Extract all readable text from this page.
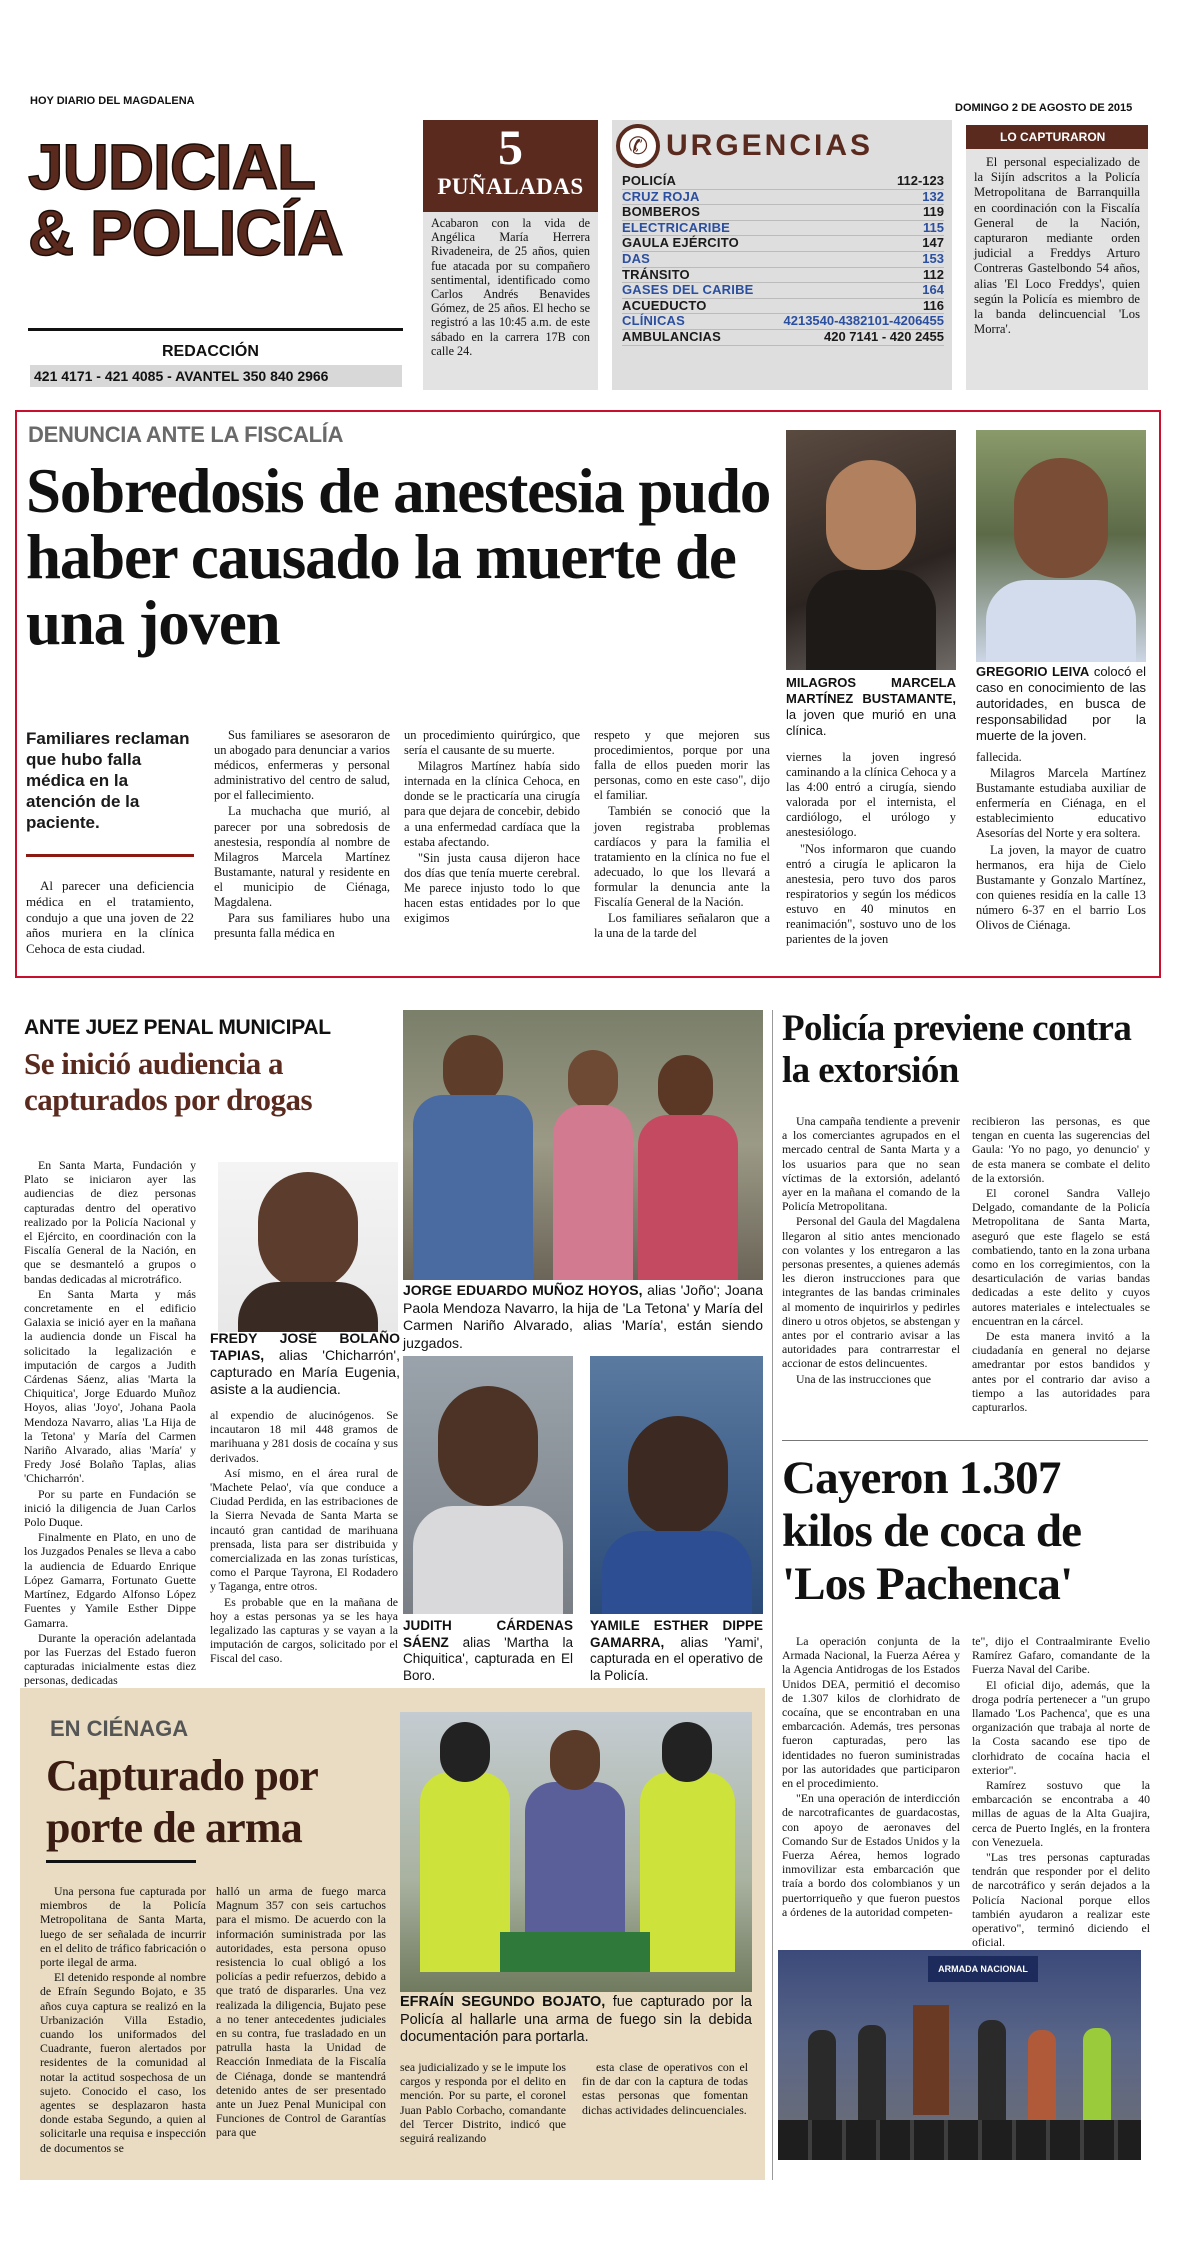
HOY DIARIO DEL MAGDALENA
DOMINGO 2 DE AGOSTO DE 2015
JUDICIAL
& POLICÍA
REDACCIÓN
421 4171 - 421 4085 - AVANTEL 350 840 2966
5
PUÑALADAS
Acabaron con la vida de Angélica María Herrera Rivadeneira, de 25 años, quien fue atacada por su compañero sentimental, identificado como Carlos Andrés Benavides Gómez, de 25 años. El hecho se registró a las 10:45 a.m. de este sábado en la carrera 17B con calle 24.
✆ URGENCIAS
POLICÍA	112-123
CRUZ ROJA	132
BOMBEROS	119
ELECTRICARIBE	115
GAULA EJÉRCITO	147
DAS	153
TRÁNSITO	112
GASES DEL CARIBE	164
ACUEDUCTO	116
CLÍNICAS	4213540-4382101-4206455
AMBULANCIAS	420 7141 - 420 2455
LO CAPTURARON
El personal especializado de la Sijín adscritos a la Policía Metropolitana de Barranquilla en coordinación con la Fiscalía General de la Nación, capturaron mediante orden judicial a Freddys Arturo Contreras Gastelbondo 54 años, alias 'El Loco Freddys', quien según la Policía es miembro de la banda delincuencial 'Los Morra'.
DENUNCIA ANTE LA FISCALÍA
Sobredosis de anestesia pudo haber causado la muerte de una joven
MILAGROS MARCELA MARTÍNEZ BUSTAMANTE, la joven que murió en una clínica.
GREGORIO LEIVA colocó el caso en conocimiento de las autoridades, en busca de responsabilidad por la muerte de la joven.
Familiares reclaman que hubo falla médica en la atención de la paciente.

Al parecer una deficiencia médica en el tratamiento, condujo a que una joven de 22 años muriera en la clínica Cehoca de esta ciudad.

Sus familiares se asesoraron de un abogado para denunciar a varios médicos, enfermeras y personal administrativo del centro de salud, por el fallecimiento.

La muchacha que murió, al parecer por una sobredosis de anestesia, respondía al nombre de Milagros Marcela Martínez Bustamante, natural y residente en el municipio de Ciénaga, Magdalena.

Para sus familiares hubo una presunta falla médica en

un procedimiento quirúrgico, que sería el causante de su muerte.

Milagros Martínez había sido internada en la clínica Cehoca, en donde se le practicaría una cirugía para que dejara de concebir, debido a una enfermedad cardíaca que la estaba afectando.

"Sin justa causa dijeron hace dos días que tenía muerte cerebral. Me parece injusto todo lo que hacen estas entidades por lo que exigimos

respeto y que mejoren sus procedimientos, porque por una falla de ellos pueden morir las personas, como en este caso", dijo el familiar.

También se conoció que la joven registraba problemas cardíacos y para la familia el tratamiento en la clínica no fue el adecuado, lo que los llevará a formular la denuncia ante la Fiscalía General de la Nación.

Los familiares señalaron que a la una de la tarde del

viernes la joven ingresó caminando a la clínica Cehoca y a las 4:00 entró a cirugía, siendo valorada por el internista, el cardiólogo, el urólogo y anestesiólogo.

"Nos informaron que cuando entró a cirugía le aplicaron la anestesia, pero tuvo dos paros respiratorios y según los médicos estuvo en 40 minutos en reanimación", sostuvo uno de los parientes de la joven

fallecida.

Milagros Marcela Martínez Bustamante estudiaba auxiliar de enfermería en Ciénaga, en el establecimiento educativo Asesorías del Norte y era soltera.

La joven, la mayor de cuatro hermanos, era hija de Cielo Bustamante y Gonzalo Martínez, con quienes residía en la calle 13 número 6-37 en el barrio Los Olivos de Ciénaga.

ANTE JUEZ PENAL MUNICIPAL
Se inició audiencia a capturados por drogas

En Santa Marta, Fundación y Plato se iniciaron ayer las audiencias de diez personas capturadas dentro del operativo realizado por la Policía Nacional y el Ejército, en coordinación con la Fiscalía General de la Nación, en que se desmanteló a grupos o bandas dedicadas al microtráfico.

En Santa Marta y más concretamente en el edificio Galaxia se inició ayer en la mañana la audiencia donde un Fiscal ha solicitado la legalización e imputación de cargos a Judith Cárdenas Sáenz, alias 'Marta la Chiquitica', Jorge Eduardo Muñoz Hoyos, alias 'Joyo', Johana Paola Mendoza Navarro, alias 'La Hija de la Tetona' y María del Carmen Nariño Alvarado, alias 'María' y Fredy José Bolaño Taplas, alias 'Chicharrón'.

Por su parte en Fundación se inició la diligencia de Juan Carlos Polo Duque.

Finalmente en Plato, en uno de los Juzgados Penales se lleva a cabo la audiencia de Eduardo Enrique López Gamarra, Fortunato Guette Martínez, Edgardo Alfonso López Fuentes y Yamile Esther Dippe Gamarra.

Durante la operación adelantada por las Fuerzas del Estado fueron capturadas inicialmente estas diez personas, dedicadas

FREDY JOSÉ BOLAÑO TAPIAS, alias 'Chicharrón', capturado en María Eugenia, asiste a la audiencia.

al expendio de alucinógenos. Se incautaron 18 mil 448 gramos de marihuana y 281 dosis de cocaína y sus derivados.

Así mismo, en el área rural de 'Machete Pelao', vía que conduce a Ciudad Perdida, en las estribaciones de la Sierra Nevada de Santa Marta se incautó gran cantidad de marihuana prensada, lista para ser distribuida y comercializada en las zonas turísticas, como el Parque Tayrona, El Rodadero y Taganga, entre otros.

Es probable que en la mañana de hoy a estas personas ya se les haya legalizado las capturas y se vayan a la imputación de cargos, solicitado por el Fiscal del caso.

JORGE EDUARDO MUÑOZ HOYOS, alias 'Joño'; Joana Paola Mendoza Navarro, la hija de 'La Tetona' y María del Carmen Nariño Alvarado, alias 'María', están siendo juzgados.
JUDITH CÁRDENAS SÁENZ alias 'Martha la Chiquitica', capturada en El Boro.
YAMILE ESTHER DIPPE GAMARRA, alias 'Yami', capturada en el operativo de la Policía.
Policía previene contra la extorsión

Una campaña tendiente a prevenir a los comerciantes agrupados en el mercado central de Santa Marta y a los usuarios para que no sean víctimas de la extorsión, adelantó ayer en la mañana el comando de la Policía Metropolitana.

Personal del Gaula del Magdalena llegaron al sitio antes mencionado con volantes y los entregaron a las personas presentes, a quienes además les dieron instrucciones para que integrantes de las bandas criminales al momento de inquirirlos y pedirles dinero u otros objetos, se abstengan y antes por el contrario avisar a las autoridades para contrarrestar el accionar de estos delincuentes.

Una de las instrucciones que

recibieron las personas, es que tengan en cuenta las sugerencias del Gaula: 'Yo no pago, yo denuncio' y de esta manera se combate el delito de la extorsión.

El coronel Sandra Vallejo Delgado, comandante de la Policía Metropolitana de Santa Marta, aseguró que este flagelo se está combatiendo, tanto en la zona urbana como en los corregimientos, con la desarticulación de varias bandas dedicadas a este delito y cuyos autores materiales e intelectuales se encuentran en la cárcel.

De esta manera invitó a la ciudadanía en general no dejarse amedrantar por estos bandidos y antes por el contrario dar aviso a tiempo a las autoridades para capturarlos.

Cayeron 1.307 kilos de coca de 'Los Pachenca'

La operación conjunta de la Armada Nacional, la Fuerza Aérea y la Agencia Antidrogas de los Estados Unidos DEA, permitió el decomiso de 1.307 kilos de clorhidrato de cocaína, que se encontraban en una embarcación. Además, tres personas fueron capturadas, pero las identidades no fueron suministradas por las autoridades que participaron en el procedimiento.

"En una operación de interdicción de narcotraficantes de guardacostas, con apoyo de aeronaves del Comando Sur de Estados Unidos y la Fuerza Aérea, hemos logrado inmovilizar esta embarcación que traía a bordo dos colombianos y un puertorriqueño y que fueron puestos a órdenes de la autoridad competen-

te", dijo el Contraalmirante Evelio Ramírez Gafaro, comandante de la Fuerza Naval del Caribe.

El oficial dijo, además, que la droga podría pertenecer a "un grupo llamado 'Los Pachenca', que es una organización que trabaja al norte de la Costa sacando ese tipo de clorhidrato de cocaína hacia el exterior".

Ramírez sostuvo que la embarcación se encontraba a 40 millas de aguas de la Alta Guajira, cerca de Puerto Inglés, en la frontera con Venezuela.

"Las tres personas capturadas tendrán que responder por el delito de narcotráfico y serán dejados a la Policía Nacional porque ellos también ayudaron a realizar este operativo", terminó diciendo el oficial.

ARMADA NACIONAL
EN CIÉNAGA
Capturado por porte de arma

Una persona fue capturada por miembros de la Policía Metropolitana de Santa Marta, luego de ser señalada de incurrir en el delito de tráfico fabricación o porte ilegal de arma.

El detenido responde al nombre de Efraín Segundo Bojato, e 35 años cuya captura se realizó en la Urbanización Villa Estadio, cuando los uniformados del Cuadrante, fueron alertados por residentes de la comunidad al notar la actitud sospechosa de un sujeto. Conocido el caso, los agentes se desplazaron hasta donde estaba Segundo, a quien al solicitarle una requisa e inspección de documentos se

halló un arma de fuego marca Magnum 357 con seis cartuchos para el mismo. De acuerdo con la información suministrada por las autoridades, esta persona opuso resistencia lo cual obligó a los policías a pedir refuerzos, debido a que trató de dispararles. Una vez realizada la diligencia, Bujato pese a no tener antecedentes judiciales en su contra, fue trasladado en un patrulla hasta la Unidad de Reacción Inmediata de la Fiscalía de Ciénaga, donde se mantendrá detenido antes de ser presentado ante un Juez Penal Municipal con Funciones de Control de Garantías para que

EFRAÍN SEGUNDO BOJATO, fue capturado por la Policía al hallarle una arma de fuego sin la debida documentación para portarla.

sea judicializado y se le impute los cargos y responda por el delito en mención. Por su parte, el coronel Juan Pablo Corbacho, comandante del Tercer Distrito, indicó que seguirá realizando

esta clase de operativos con el fin de dar con la captura de todas estas personas que fomentan dichas actividades delincuenciales.
